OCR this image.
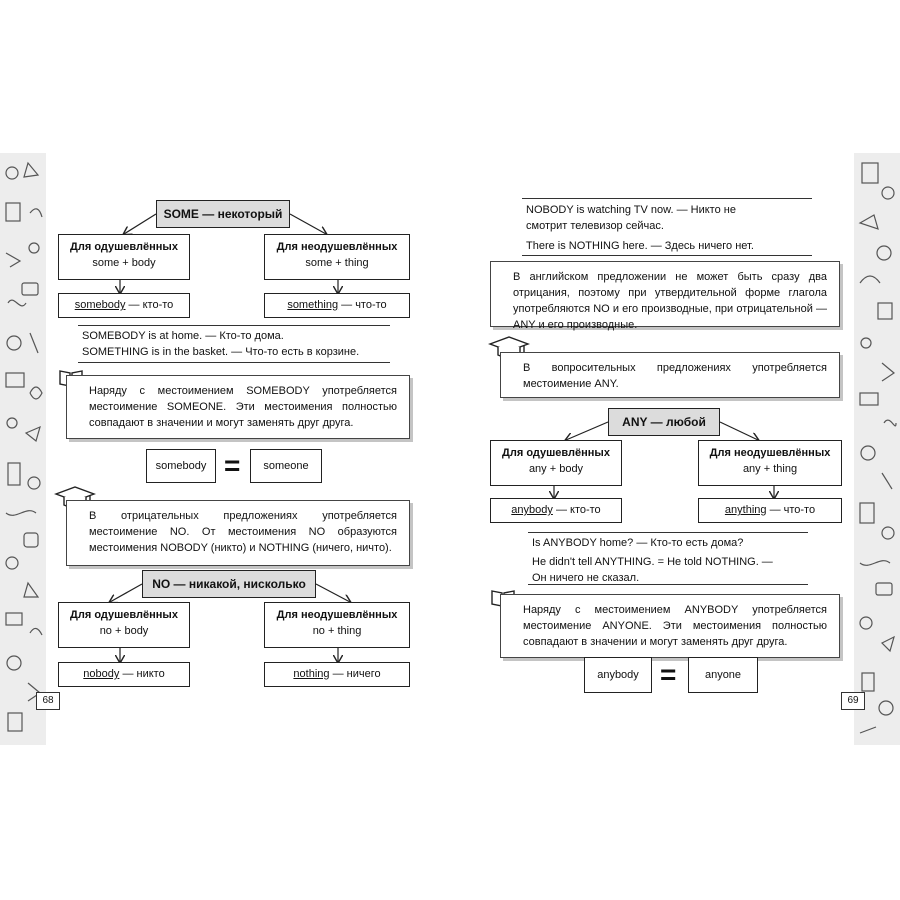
68	69
SOME — некоторый
Для одушевлённых
some + body
Для неодушевлённых
some + thing
somebody — кто-то	something — что-то
SOMEBODY is at home. — Кто-то дома.
SOMETHING is in the basket. — Что-то есть в корзине.
Наряду с местоимением SOMEBODY употребляется местоимение SOMEONE. Эти местоимения полностью совпадают в значении и могут заменять друг друга.
somebody =	someone
В отрицательных предложениях употребляется местоимение NO. От местоимения NO образуются местоимения NOBODY (никто) и NOTHING (ничего, ничто).
NO — никакой, нисколько
Для одушевлённых
no + body
Для неодушевлённых
no + thing
nobody — никто	nothing — ничего
NOBODY is watching TV now. — Никто не
смотрит телевизор сейчас.
There is NOTHING here. — Здесь ничего нет.
В английском предложении не может быть сразу два отрицания, поэтому при утвердительной форме глагола употребляются NO и его производные, при отрицательной — ANY и его производные.
В вопросительных предложениях употребляется местоимение ANY.
ANY — любой
Для одушевлённых
any + body
Для неодушевлённых
any + thing
anybody — кто-то	anything — что-то
Is ANYBODY home? — Кто-то есть дома?
He didn't tell ANYTHING. = He told NOTHING. —
Он ничего не сказал.
Наряду с местоимением ANYBODY употребляется местоимение ANYONE. Эти местоимения полностью совпадают в значении и могут заменять друг друга.
anybody =	anyone
